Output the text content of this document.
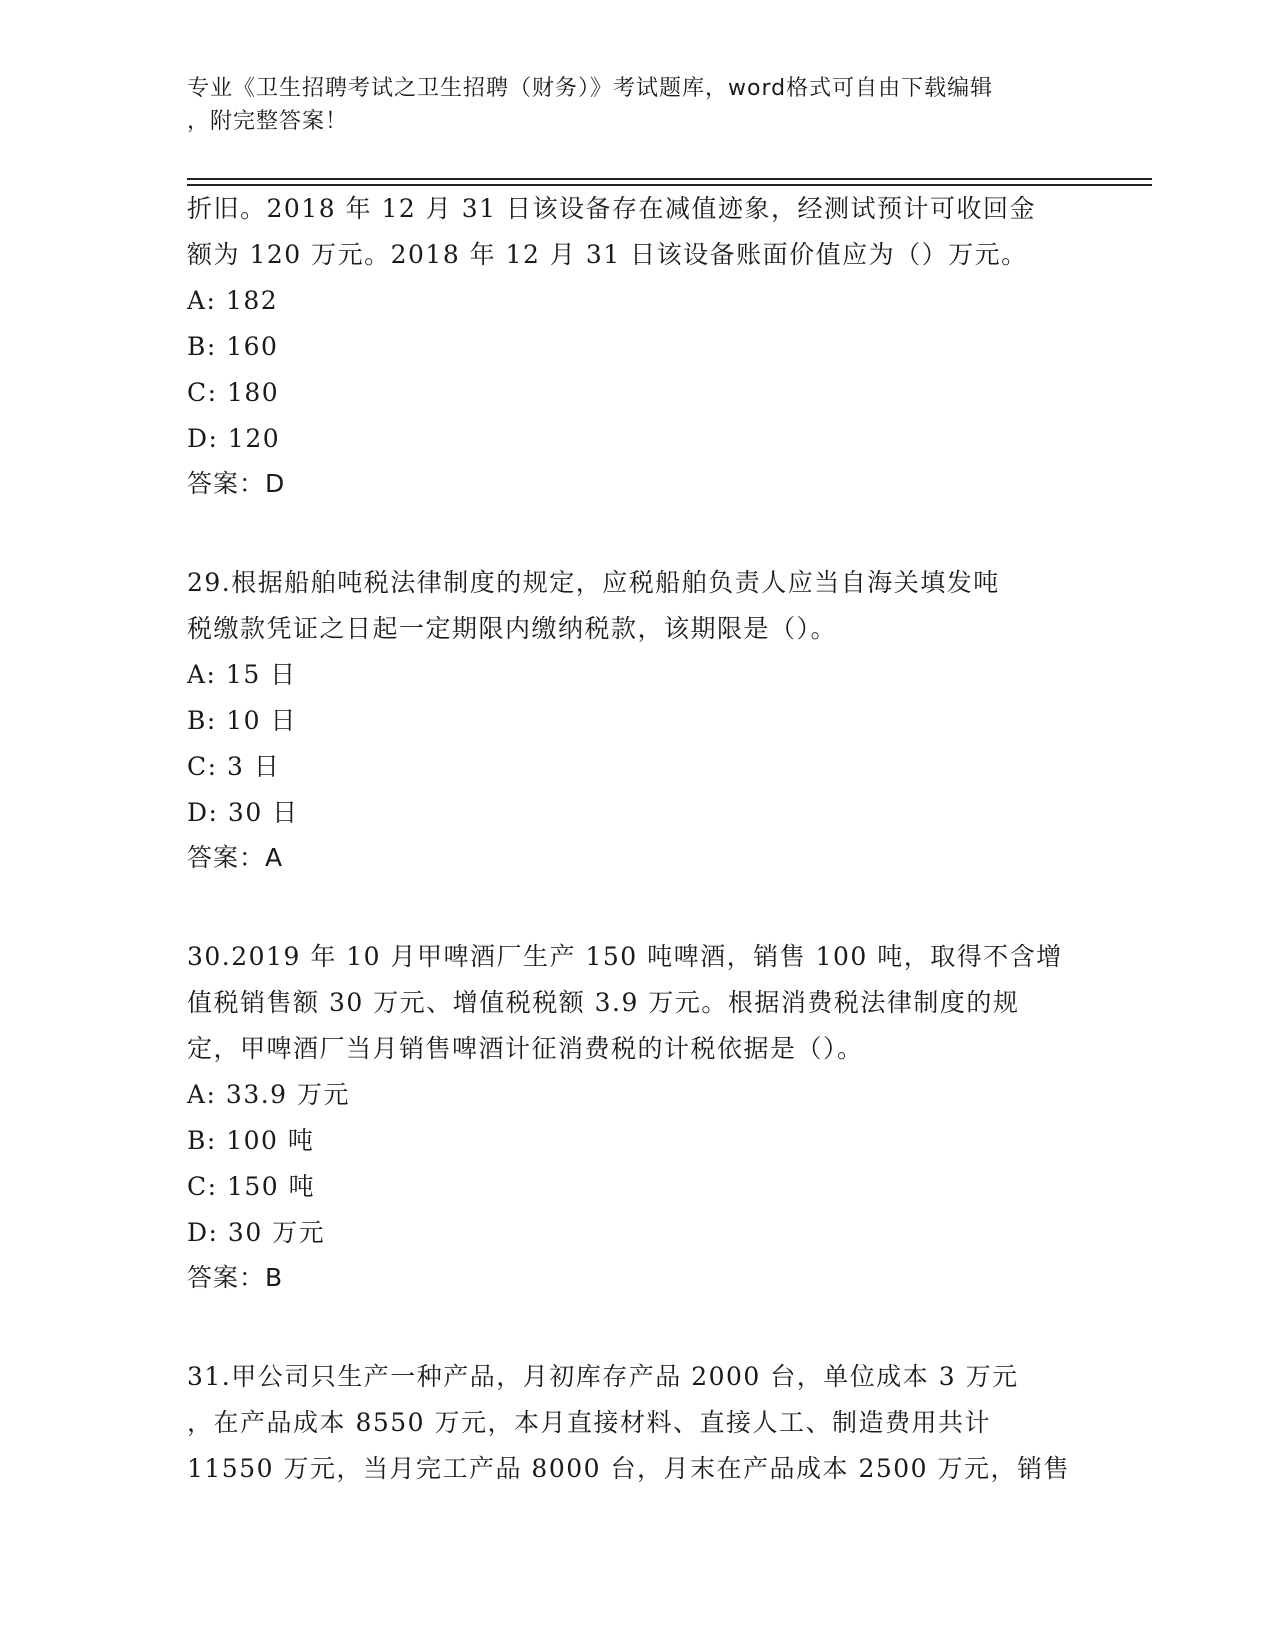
专业《卫生招聘考试之卫生招聘（财务）》考试题库，word格式可自由下载编辑
，附完整答案！
折旧。2018 年 12 月 31 日该设备存在减值迹象，经测试预计可收回金
额为 120 万元。2018 年 12 月 31 日该设备账面价值应为（）万元。
A: 182
B: 160
C: 180
D: 120
答案：D
29.根据船舶吨税法律制度的规定，应税船舶负责人应当自海关填发吨
税缴款凭证之日起一定期限内缴纳税款，该期限是（）。
A: 15 日
B: 10 日
C: 3 日
D: 30 日
答案：A
30.2019 年 10 月甲啤酒厂生产 150 吨啤酒，销售 100 吨，取得不含增
值税销售额 30 万元、增值税税额 3.9 万元。根据消费税法律制度的规
定，甲啤酒厂当月销售啤酒计征消费税的计税依据是（）。
A: 33.9 万元
B: 100 吨
C: 150 吨
D: 30 万元
答案：B
31.甲公司只生产一种产品，月初库存产品 2000 台，单位成本 3 万元
，在产品成本 8550 万元，本月直接材料、直接人工、制造费用共计
11550 万元，当月完工产品 8000 台，月末在产品成本 2500 万元，销售
